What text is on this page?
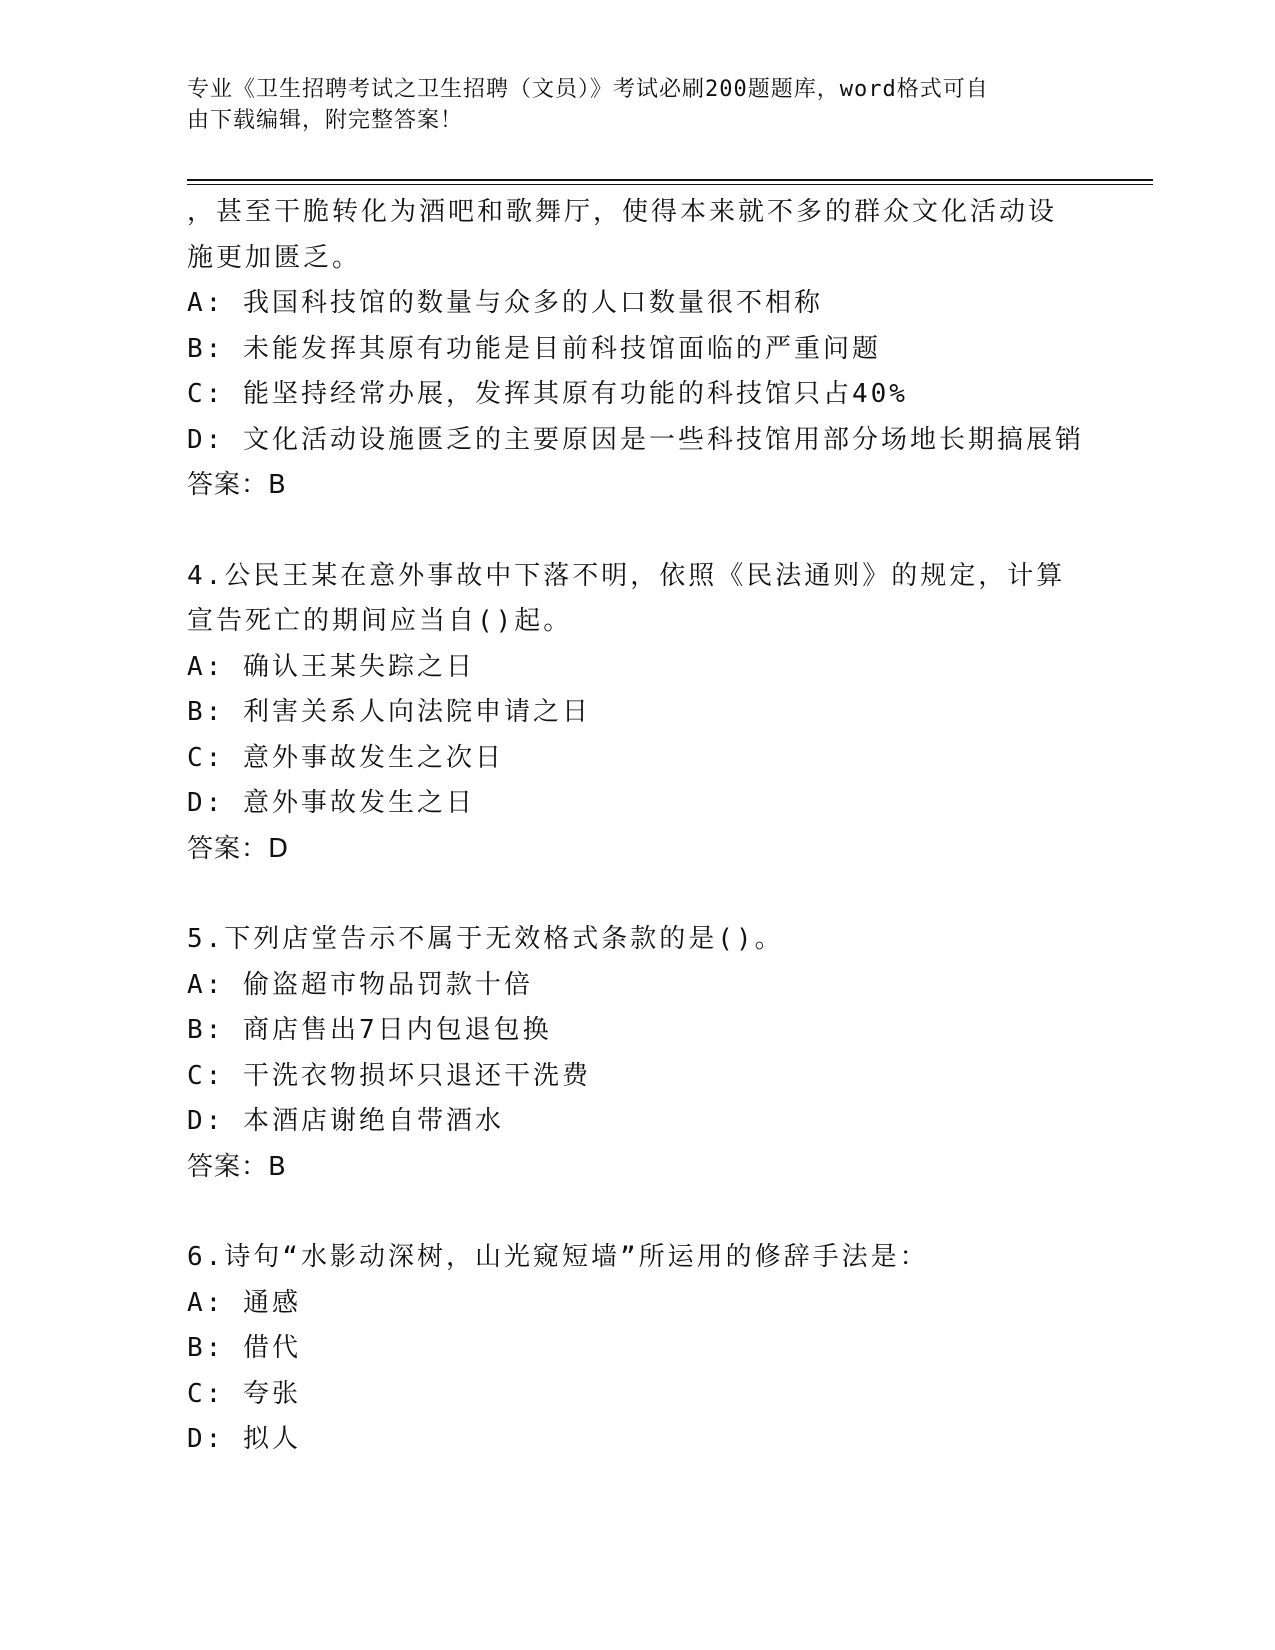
专业《卫生招聘考试之卫生招聘（文员）》考试必刷200题题库，word格式可自
由下载编辑，附完整答案！
，甚至干脆转化为酒吧和歌舞厅，使得本来就不多的群众文化活动设
施更加匮乏。
A: 我国科技馆的数量与众多的人口数量很不相称
B: 未能发挥其原有功能是目前科技馆面临的严重问题
C: 能坚持经常办展，发挥其原有功能的科技馆只占40%
D: 文化活动设施匮乏的主要原因是一些科技馆用部分场地长期搞展销
答案：B
4.公民王某在意外事故中下落不明，依照《民法通则》的规定，计算
宣告死亡的期间应当自()起。
A: 确认王某失踪之日
B: 利害关系人向法院申请之日
C: 意外事故发生之次日
D: 意外事故发生之日
答案：D
5.下列店堂告示不属于无效格式条款的是()。
A: 偷盗超市物品罚款十倍
B: 商店售出7日内包退包换
C: 干洗衣物损坏只退还干洗费
D: 本酒店谢绝自带酒水
答案：B
6.诗句“水影动深树，山光窥短墙”所运用的修辞手法是：
A: 通感
B: 借代
C: 夸张
D: 拟人
